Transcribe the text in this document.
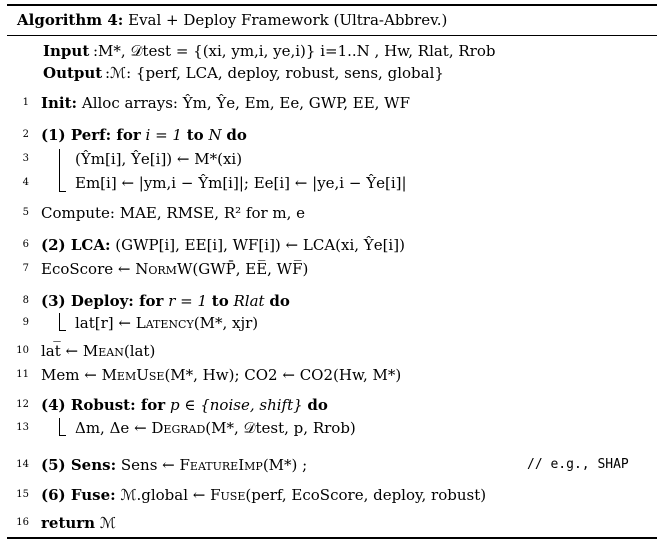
Algorithm 4: Eval + Deploy Framework (Ultra-Abbrev.)
Input :M*, 𝒟test = {(xi, ym,i, ye,i)} i=1..N , Hw, Rlat, Rrob
Output :ℳ: {perf, LCA, deploy, robust, sens, global}
1 Init: Alloc arrays: Ŷm, Ŷe, Em, Ee, GWP, EE, WF
2 (1) Perf: for i = 1 to N do
3	(Ŷm[i], Ŷe[i]) ← M*(xi)
4	Em[i] ← |ym,i − Ŷm[i]|; Ee[i] ← |ye,i − Ŷe[i]|
5 Compute: MAE, RMSE, R² for m, e
6 (2) LCA: (GWP[i], EE[i], WF[i]) ← LCA(xi, Ŷe[i])
7 EcoScore ← NormW(GWP̄, EE̅, WF̅)
8 (3) Deploy: for r = 1 to Rlat do
9	lat[r] ← Latency(M*, xjr)
10 lat̅ ← Mean(lat)
11 Mem ← MemUse(M*, Hw); CO2 ← CO2(Hw, M*)
12 (4) Robust: for p ∈ {noise, shift} do
13	Δm, Δe ← Degrad(M*, 𝒟test, p, Rrob)
14 (5) Sens: Sens ← FeatureImp(M*) ;	// e.g., SHAP
15 (6) Fuse: ℳ.global ← Fuse(perf, EcoScore, deploy, robust)
16 return ℳ
